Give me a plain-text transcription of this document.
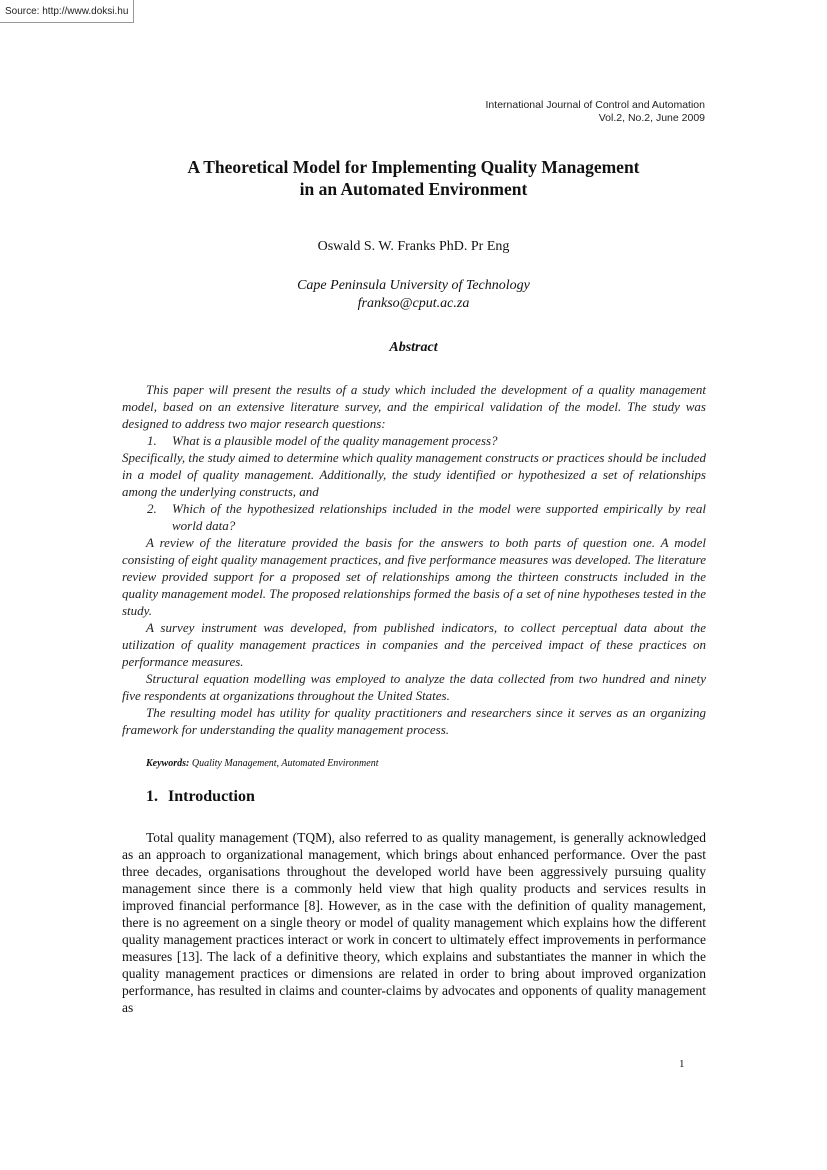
Source: http://www.doksi.hu
International Journal of Control and Automation
Vol.2, No.2, June 2009
A Theoretical Model for Implementing Quality Management
in an Automated Environment
Oswald S. W. Franks PhD. Pr Eng
Cape Peninsula University of Technology
frankso@cput.ac.za
Abstract

This paper will present the results of a study which included the development of a quality management model, based on an extensive literature survey, and the empirical validation of the model. The study was designed to address two major research questions:

1. What is a plausible model of the quality management process?

Specifically, the study aimed to determine which quality management constructs or practices should be included in a model of quality management. Additionally, the study identified or hypothesized a set of relationships among the underlying constructs, and

2. Which of the hypothesized relationships included in the model were supported empirically by real world data?

A review of the literature provided the basis for the answers to both parts of question one. A model consisting of eight quality management practices, and five performance measures was developed. The literature review provided support for a proposed set of relationships among the thirteen constructs included in the quality management model. The proposed relationships formed the basis of a set of nine hypotheses tested in the study.

A survey instrument was developed, from published indicators, to collect perceptual data about the utilization of quality management practices in companies and the perceived impact of these practices on performance measures.

Structural equation modelling was employed to analyze the data collected from two hundred and ninety five respondents at organizations throughout the United States.

The resulting model has utility for quality practitioners and researchers since it serves as an organizing framework for understanding the quality management process.

Keywords: Quality Management, Automated Environment
1. Introduction

Total quality management (TQM), also referred to as quality management, is generally acknowledged as an approach to organizational management, which brings about enhanced performance. Over the past three decades, organisations throughout the developed world have been aggressively pursuing quality management since there is a commonly held view that high quality products and services results in improved financial performance [8]. However, as in the case with the definition of quality management, there is no agreement on a single theory or model of quality management which explains how the different quality management practices interact or work in concert to ultimately effect improvements in performance measures [13]. The lack of a definitive theory, which explains and substantiates the manner in which the quality management practices or dimensions are related in order to bring about improved organization performance, has resulted in claims and counter-claims by advocates and opponents of quality management as

1
